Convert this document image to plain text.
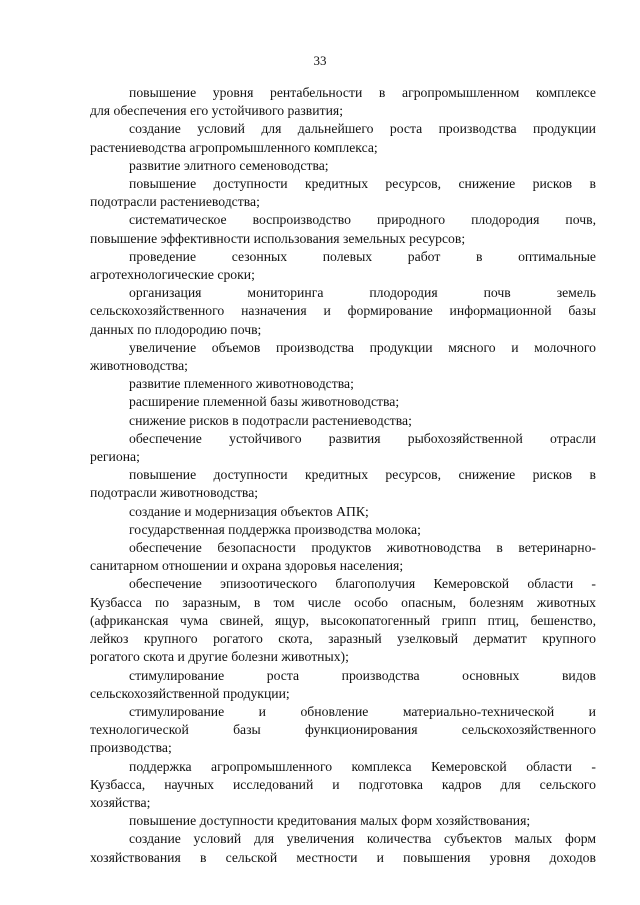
33
повышение уровня рентабельности в агропромышленном комплексе
для обеспечения его устойчивого развития;
создание условий для дальнейшего роста производства продукции
растениеводства агропромышленного комплекса;
развитие элитного семеноводства;
повышение доступности кредитных ресурсов, снижение рисков в
подотрасли растениеводства;
систематическое воспроизводство природного плодородия почв,
повышение эффективности использования земельных ресурсов;
проведение сезонных полевых работ в оптимальные
агротехнологические сроки;
организация мониторинга плодородия почв земель
сельскохозяйственного назначения и формирование информационной базы
данных по плодородию почв;
увеличение объемов производства продукции мясного и молочного
животноводства;
развитие племенного животноводства;
расширение племенной базы животноводства;
снижение рисков в подотрасли растениеводства;
обеспечение устойчивого развития рыбохозяйственной отрасли
региона;
повышение доступности кредитных ресурсов, снижение рисков в
подотрасли животноводства;
создание и модернизация объектов АПК;
государственная поддержка производства молока;
обеспечение безопасности продуктов животноводства в ветеринарно-
санитарном отношении и охрана здоровья населения;
обеспечение эпизоотического благополучия Кемеровской области -
Кузбасса по заразным, в том числе особо опасным, болезням животных
(африканская чума свиней, ящур, высокопатогенный грипп птиц, бешенство,
лейкоз крупного рогатого скота, заразный узелковый дерматит крупного
рогатого скота и другие болезни животных);
стимулирование роста производства основных видов
сельскохозяйственной продукции;
стимулирование и обновление материально-технической и
технологической базы функционирования сельскохозяйственного
производства;
поддержка агропромышленного комплекса Кемеровской области -
Кузбасса, научных исследований и подготовка кадров для сельского
хозяйства;
повышение доступности кредитования малых форм хозяйствования;
создание условий для увеличения количества субъектов малых форм
хозяйствования в сельской местности и повышения уровня доходов
